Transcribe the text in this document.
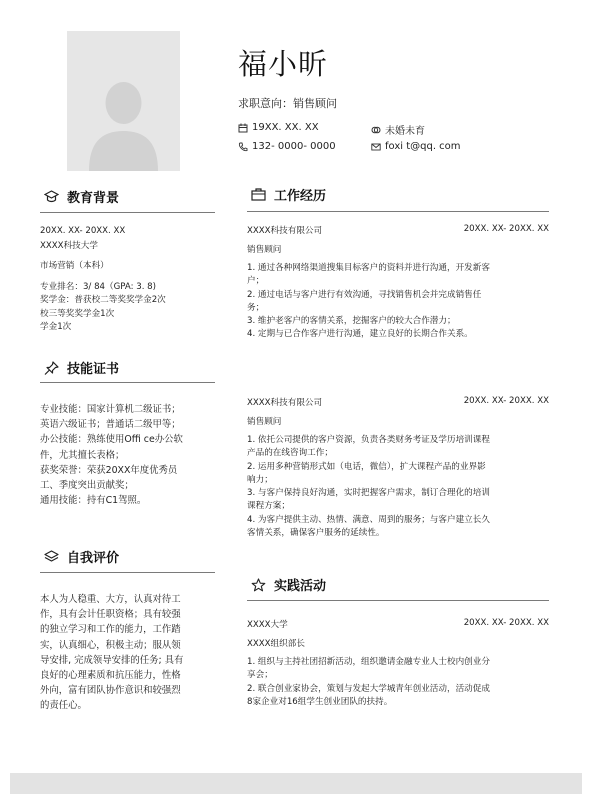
福小昕
求职意向：销售顾问
19XX. XX. XX	未婚未育
132- 0000- 0000	foxi t@qq. com
教育背景
20XX. XX- 20XX. XX
XXXX科技大学
市场营销（本科）
专业排名：3/ 84（GPA: 3. 8)
奖学金：普获校二等奖奖学金2次
校三等奖奖学金1次
学金1次
技能证书
专业技能：国家计算机二级证书；
英语六级证书；普通话二级甲等；
办公技能：熟练使用Offi ce办公软
件，尤其擅长表格；
获奖荣誉：荣获20XX年度优秀员
工、季度突出贡献奖；
通用技能：持有C1驾照。
自我评价
本人为人稳重、大方，认真对待工
作，具有会计任职资格；具有较强
的独立学习和工作的能力，工作踏
实，认真细心，积极主动；服从领
导安排, 完成领导安排的任务; 具有
良好的心理素质和抗压能力，性格
外向，富有团队协作意识和较强烈
的责任心。
工作经历
XXXX科技有限公司	20XX. XX- 20XX. XX
销售顾问
1. 通过各种网络渠道搜集目标客户的资料并进行沟通，开发新客
户；
2. 通过电话与客户进行有效沟通，寻找销售机会并完成销售任
务；
3. 维护老客户的客情关系，挖掘客户的较大合作潜力；
4. 定期与已合作客户进行沟通，建立良好的长期合作关系。
XXXX科技有限公司	20XX. XX- 20XX. XX
销售顾问
1. 依托公司提供的客户资源，负责各类财务考证及学历培训课程
产品的在线咨询工作；
2. 运用多种营销形式如（电话，微信），扩大课程产品的业界影
响力；
3. 与客户保持良好沟通，实时把握客户需求，制订合理化的培训
课程方案；
4. 为客户提供主动、热情、满意、周到的服务；与客户建立长久
客情关系，确保客户服务的延续性。
实践活动
XXXX大学	20XX. XX- 20XX. XX
XXXX组织部长
1. 组织与主持社团招新活动，组织邀请金融专业人士校内创业分
享会；
2. 联合创业家协会，策划与发起大学城青年创业活动，活动促成
8家企业对16组学生创业团队的扶持。
